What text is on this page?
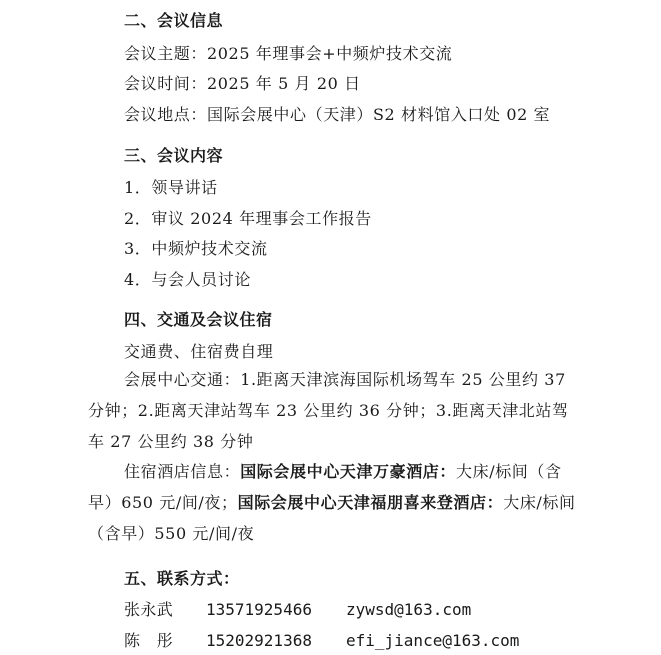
二、会议信息
会议主题：2025 年理事会+中频炉技术交流
会议时间：2025 年 5 月 20 日
会议地点：国际会展中心（天津）S2 材料馆入口处 02 室
三、会议内容
1．领导讲话
2．审议 2024 年理事会工作报告
3．中频炉技术交流
4．与会人员讨论
四、交通及会议住宿
交通费、住宿费自理
会展中心交通：1.距离天津滨海国际机场驾车 25 公里约 37 分钟；2.距离天津站驾车 23 公里约 36 分钟；3.距离天津北站驾车 27 公里约 38 分钟
住宿酒店信息：国际会展中心天津万豪酒店：大床/标间（含早）650 元/间/夜；国际会展中心天津福朋喜来登酒店：大床/标间（含早）550 元/间/夜
五、联系方式：
张永武 13571925466 zywsd@163.com
陈　彤 15202921368 efi_jiance@163.com
